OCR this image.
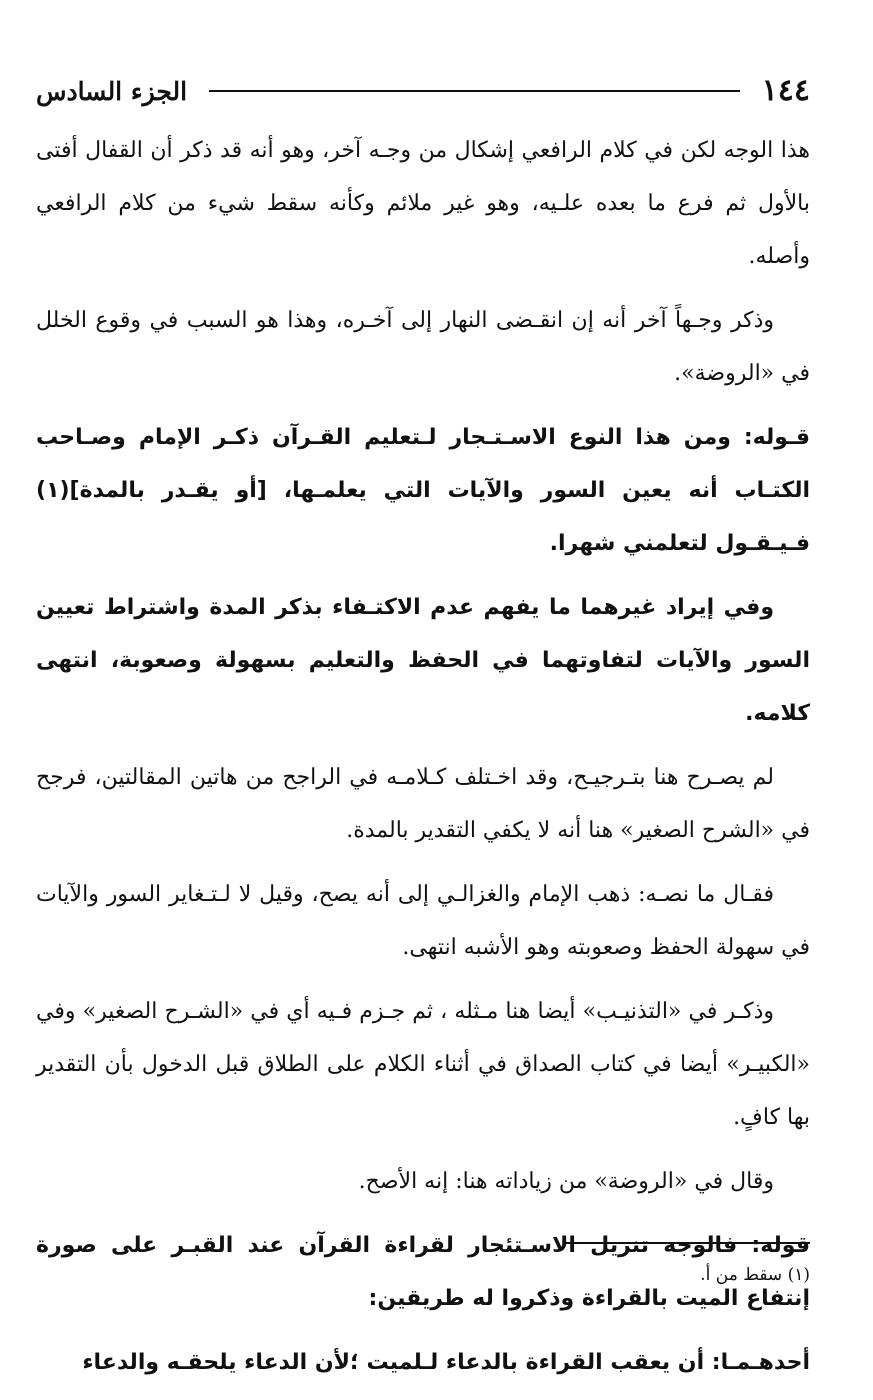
١٤٤
الجزء السادس

هذا الوجه لكن في كلام الرافعي إشكال من وجـه آخر، وهو أنه قد ذكر أن القفال أفتى بالأول ثم فرع ما بعده علـيه، وهو غير ملائم وكأنه سقط شيء من كلام الرافعي وأصله.

وذكر وجـهاً آخر أنه إن انقـضى النهار إلى آخـره، وهذا هو السبب في وقوع الخلل في «الروضة».

قـوله: ومن هذا النوع الاسـتـجار لـتعليم القـرآن ذكـر الإمام وصـاحب الكتـاب أنه يعين السور والآيات التي يعلمـها، [أو يقـدر بالمدة](١) فـيـقـول لتعلمني شهرا.

وفي إيراد غيرهما ما يفهم عدم الاكتـفاء بذكر المدة واشتراط تعيين السور والآيات لتفاوتهما في الحفظ والتعليم بسهولة وصعوبة، انتهى كلامه.

لم يصـرح هنا بتـرجيـح، وقد اخـتلف كـلامـه في الراجح من هاتين المقالتين، فرجح في «الشرح الصغير» هنا أنه لا يكفي التقدير بالمدة.

فقـال ما نصـه: ذهب الإمام والغزالـي إلى أنه يصح، وقيل لا لـتـغاير السور والآيات في سهولة الحفظ وصعوبته وهو الأشبه انتهى.

وذكـر في «التذنيـب» أيضا هنا مـثله ، ثم جـزم فـيه أي في «الشـرح الصغير» وفي «الكبيـر» أيضا في كتاب الصداق في أثناء الكلام على الطلاق قبل الدخول بأن التقدير بها كافٍ.

وقال في «الروضة» من زياداته هنا: إنه الأصح.

قوله: فالوجه تنزيل الاسـتئجار لقراءة القرآن عند القبـر على صورة إنتفاع الميت بالقراءة وذكروا له طريقين:

أحدهـمـا: أن يعقب القراءة بالدعاء لـلميت ؛لأن الدعاء يلحقـه والدعاء

(١) سقط من أ.
